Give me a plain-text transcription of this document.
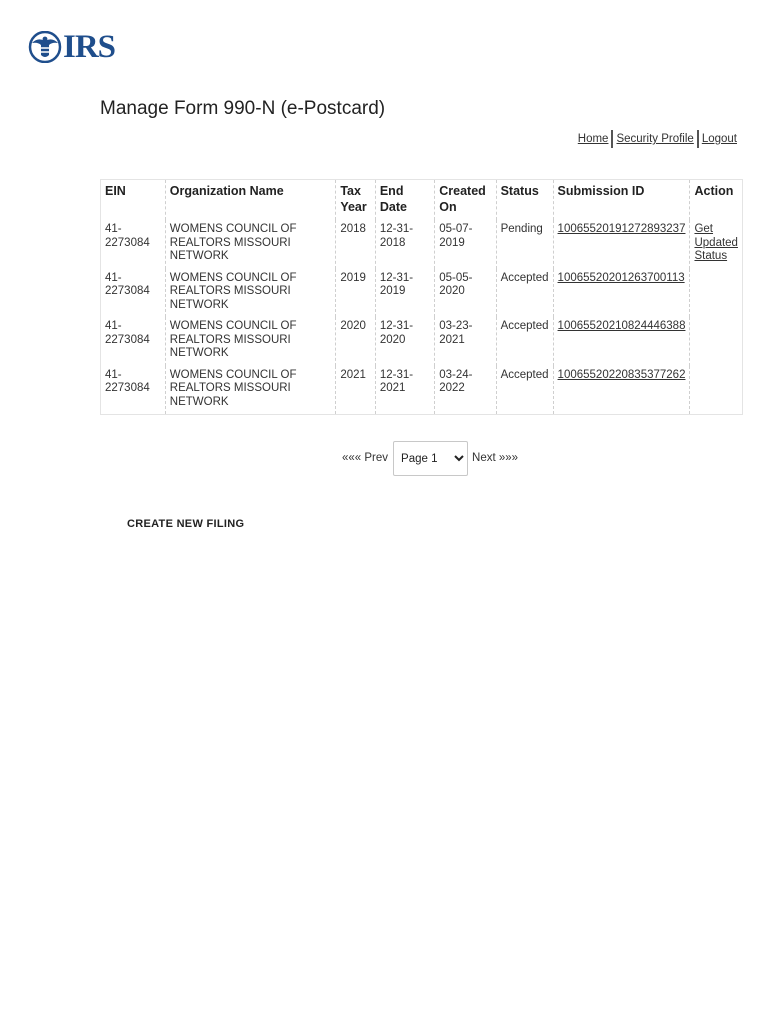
IRS
Manage Form 990-N (e-Postcard)
Home Security Profile Logout
EIN	Organization Name	Tax Year	End Date	Created On	Status	Submission ID	Action
41-2273084	WOMENS COUNCIL OF REALTORS MISSOURI NETWORK	2018	12-31-2018	05-07-2019	Pending	10065520191272893237	Get Updated Status
41-2273084	WOMENS COUNCIL OF REALTORS MISSOURI NETWORK	2019	12-31-2019	05-05-2020	Accepted	10065520201263700113	
41-2273084	WOMENS COUNCIL OF REALTORS MISSOURI NETWORK	2020	12-31-2020	03-23-2021	Accepted	10065520210824446388	
41-2273084	WOMENS COUNCIL OF REALTORS MISSOURI NETWORK	2021	12-31-2021	03-24-2022	Accepted	10065520220835377262	
««« Prev
Page 1	Next »»»
CREATE NEW FILING
